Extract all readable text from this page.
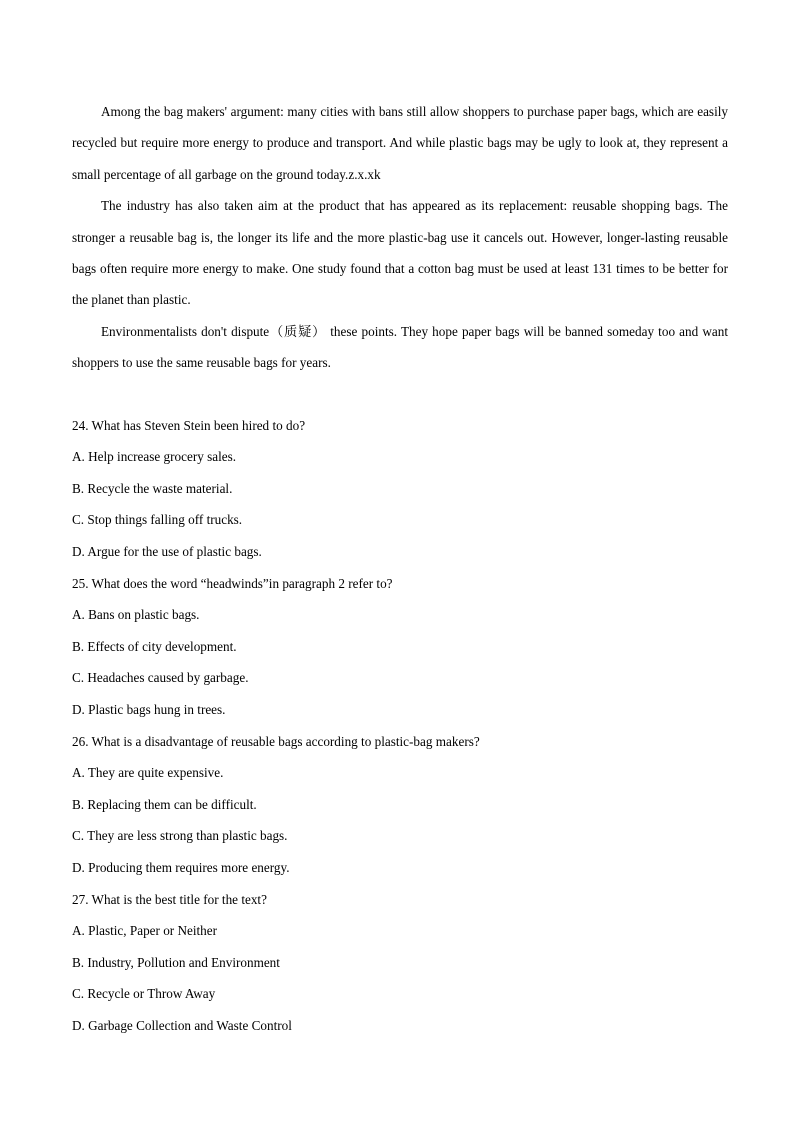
Among the bag makers' argument: many cities with bans still allow shoppers to purchase paper bags, which are easily recycled but require more energy to produce and transport. And while plastic bags may be ugly to look at, they represent a small percentage of all garbage on the ground today.z.x.xk

The industry has also taken aim at the product that has appeared as its replacement: reusable shopping bags. The stronger a reusable bag is, the longer its life and the more plastic-bag use it cancels out. However, longer-lasting reusable bags often require more energy to make. One study found that a cotton bag must be used at least 131 times to be better for the planet than plastic.

Environmentalists don't dispute（质疑） these points. They hope paper bags will be banned someday too and want shoppers to use the same reusable bags for years.

24. What has Steven Stein been hired to do?

A. Help increase grocery sales.

B. Recycle the waste material.

C. Stop things falling off trucks.

D. Argue for the use of plastic bags.

25. What does the word “headwinds”in paragraph 2 refer to?

A. Bans on plastic bags.

B. Effects of city development.

C. Headaches caused by garbage.

D. Plastic bags hung in trees.

26. What is a disadvantage of reusable bags according to plastic-bag makers?

A. They are quite expensive.

B. Replacing them can be difficult.

C. They are less strong than plastic bags.

D. Producing them requires more energy.

27. What is the best title for the text?

A. Plastic, Paper or Neither

B. Industry, Pollution and Environment

C. Recycle or Throw Away

D. Garbage Collection and Waste Control
